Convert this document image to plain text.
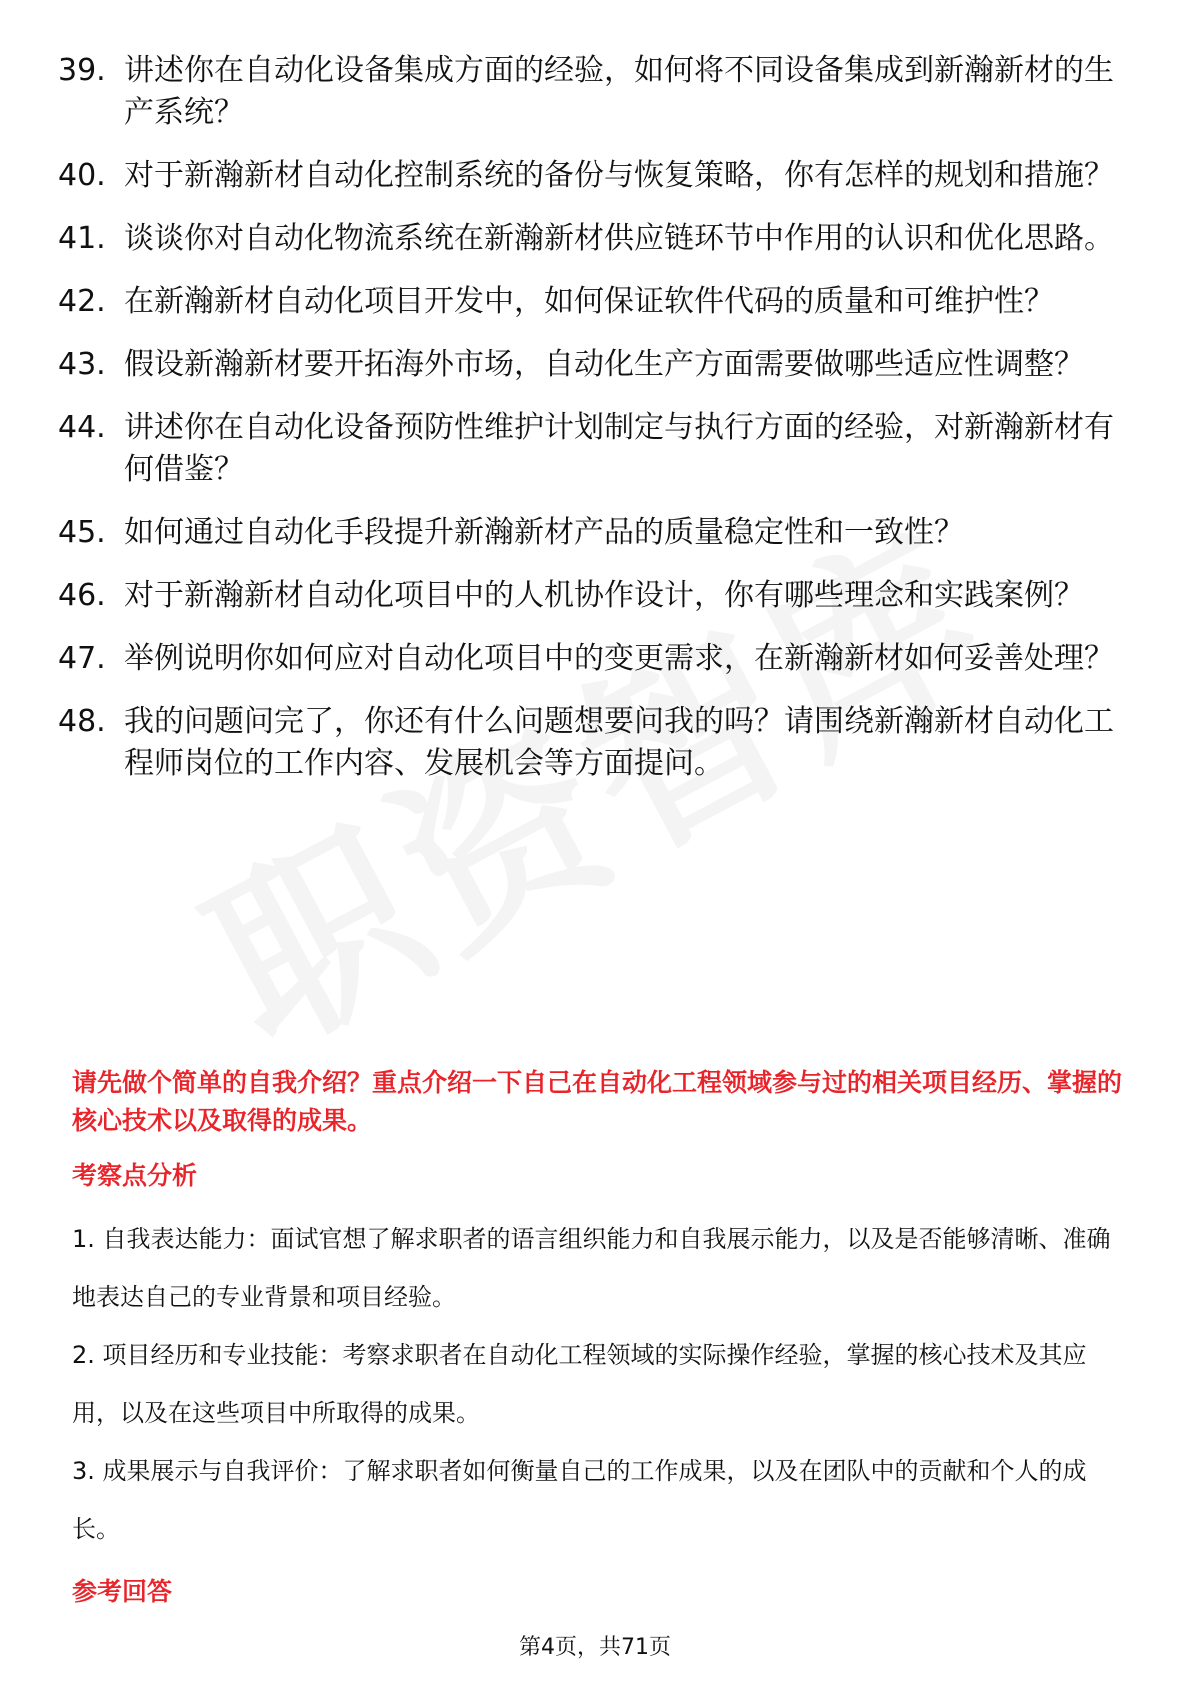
39. 讲述你在自动化设备集成方面的经验，如何将不同设备集成到新瀚新材的生产系统？
40. 对于新瀚新材自动化控制系统的备份与恢复策略，你有怎样的规划和措施？
41. 谈谈你对自动化物流系统在新瀚新材供应链环节中作用的认识和优化思路。
42. 在新瀚新材自动化项目开发中，如何保证软件代码的质量和可维护性？
43. 假设新瀚新材要开拓海外市场，自动化生产方面需要做哪些适应性调整？
44. 讲述你在自动化设备预防性维护计划制定与执行方面的经验，对新瀚新材有何借鉴？
45. 如何通过自动化手段提升新瀚新材产品的质量稳定性和一致性？
46. 对于新瀚新材自动化项目中的人机协作设计，你有哪些理念和实践案例？
47. 举例说明你如何应对自动化项目中的变更需求，在新瀚新材如何妥善处理？
48. 我的问题问完了，你还有什么问题想要问我的吗？请围绕新瀚新材自动化工程师岗位的工作内容、发展机会等方面提问。
请先做个简单的自我介绍？重点介绍一下自己在自动化工程领域参与过的相关项目经历、掌握的核心技术以及取得的成果。
考察点分析
1. 自我表达能力：面试官想了解求职者的语言组织能力和自我展示能力，以及是否能够清晰、准确地表达自己的专业背景和项目经验。
2. 项目经历和专业技能：考察求职者在自动化工程领域的实际操作经验，掌握的核心技术及其应用，以及在这些项目中所取得的成果。
3. 成果展示与自我评价：了解求职者如何衡量自己的工作成果，以及在团队中的贡献和个人的成长。
参考回答
第4页，共71页
